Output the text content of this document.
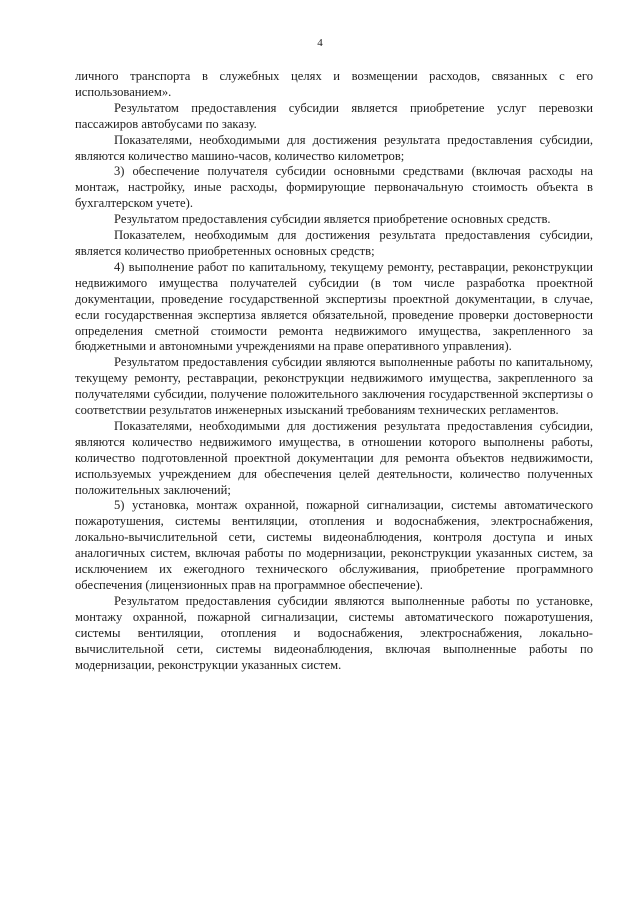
4

личного транспорта в служебных целях и возмещении расходов, связанных с его использованием».

Результатом предоставления субсидии является приобретение услуг перевозки пассажиров автобусами по заказу.

Показателями, необходимыми для достижения результата предоставления субсидии, являются количество машино-часов, количество километров;

3) обеспечение получателя субсидии основными средствами (включая расходы на монтаж, настройку, иные расходы, формирующие первоначальную стоимость объекта в бухгалтерском учете).

Результатом предоставления субсидии является приобретение основных средств.

Показателем, необходимым для достижения результата предоставления субсидии, является количество приобретенных основных средств;

4) выполнение работ по капитальному, текущему ремонту, реставрации, реконструкции недвижимого имущества получателей субсидии (в том числе разработка проектной документации, проведение государственной экспертизы проектной документации, в случае, если государственная экспертиза является обязательной, проведение проверки достоверности определения сметной стоимости ремонта недвижимого имущества, закрепленного за бюджетными и автономными учреждениями на праве оперативного управления).

Результатом предоставления субсидии являются выполненные работы по капитальному, текущему ремонту, реставрации, реконструкции недвижимого имущества, закрепленного за получателями субсидии, получение положительного заключения государственной экспертизы о соответствии результатов инженерных изысканий требованиям технических регламентов.

Показателями, необходимыми для достижения результата предоставления субсидии, являются количество недвижимого имущества, в отношении которого выполнены работы, количество подготовленной проектной документации для ремонта объектов недвижимости, используемых учреждением для обеспечения целей деятельности, количество полученных положительных заключений;

5) установка, монтаж охранной, пожарной сигнализации, системы автоматического пожаротушения, системы вентиляции, отопления и водоснабжения, электроснабжения, локально-вычислительной сети, системы видеонаблюдения, контроля доступа и иных аналогичных систем, включая работы по модернизации, реконструкции указанных систем, за исключением их ежегодного технического обслуживания, приобретение программного обеспечения (лицензионных прав на программное обеспечение).

Результатом предоставления субсидии являются выполненные работы по установке, монтажу охранной, пожарной сигнализации, системы автоматического пожаротушения, системы вентиляции, отопления и водоснабжения, электроснабжения, локально-вычислительной сети, системы видеонаблюдения, включая выполненные работы по модернизации, реконструкции указанных систем.
